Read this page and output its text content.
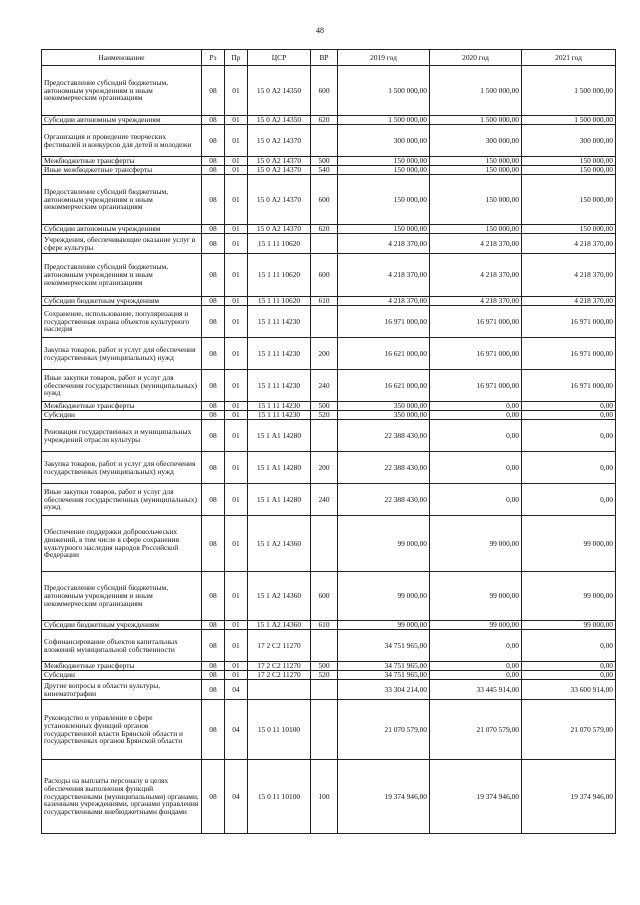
48
Наименование	Рз	Пр	ЦСР	ВР	2019 год	2020 год	2021 год
Предоставление субсидий бюджетным, автономным учреждениям и иным некоммерческим организациям	08	01	15 0 А2 14350	600	1 500 000,00	1 500 000,00	1 500 000,00
Субсидии автономным учреждениям	08	01	15 0 А2 14350	620	1 500 000,00	1 500 000,00	1 500 000,00
Организация и проведение творческих фестивалей и конкурсов для детей и молодежи	08	01	15 0 А2 14370		300 000,00	300 000,00	300 000,00
Межбюджетные трансферты	08	01	15 0 А2 14370	500	150 000,00	150 000,00	150 000,00
Иные межбюджетные трансферты	08	01	15 0 А2 14370	540	150 000,00	150 000,00	150 000,00
Предоставление субсидий бюджетным, автономным учреждениям и иным некоммерческим организациям	08	01	15 0 А2 14370	600	150 000,00	150 000,00	150 000,00
Субсидии автономным учреждениям	08	01	15 0 А2 14370	620	150 000,00	150 000,00	150 000,00
Учреждения, обеспечивающие оказание услуг в сфере культуры	08	01	15 1 11 10620		4 218 370,00	4 218 370,00	4 218 370,00
Предоставление субсидий бюджетным, автономным учреждениям и иным некоммерческим организациям	08	01	15 1 11 10620	600	4 218 370,00	4 218 370,00	4 218 370,00
Субсидии бюджетным учреждениям	08	01	15 1 11 10620	610	4 218 370,00	4 218 370,00	4 218 370,00
Сохранение, использование, популяризация и государственная охрана объектов культурного наследия	08	01	15 1 11 14230		16 971 000,00	16 971 000,00	16 971 000,00
Закупка товаров, работ и услуг для обеспечения государственных (муниципальных) нужд	08	01	15 1 11 14230	200	16 621 000,00	16 971 000,00	16 971 000,00
Иные закупки товаров, работ и услуг для обеспечения государственных (муниципальных) нужд	08	01	15 1 11 14230	240	16 621 000,00	16 971 000,00	16 971 000,00
Межбюджетные трансферты	08	01	15 1 11 14230	500	350 000,00	0,00	0,00
Субсидии	08	01	15 1 11 14230	520	350 000,00	0,00	0,00
Реновация государственных и муниципальных учреждений отрасли культуры	08	01	15 1 А1 14280		22 388 430,00	0,00	0,00
Закупка товаров, работ и услуг для обеспечения государственных (муниципальных) нужд	08	01	15 1 А1 14280	200	22 388 430,00	0,00	0,00
Иные закупки товаров, работ и услуг для обеспечения государственных (муниципальных) нужд	08	01	15 1 А1 14280	240	22 388 430,00	0,00	0,00
Обеспечение поддержки добровольческих движений, в том числе в сфере сохранения культурного наследия народов Российской Федерации	08	01	15 1 А2 14360		99 000,00	99 000,00	99 000,00
Предоставление субсидий бюджетным, автономным учреждениям и иным некоммерческим организациям	08	01	15 1 А2 14360	600	99 000,00	99 000,00	99 000,00
Субсидии бюджетным учреждениям	08	01	15 1 А2 14360	610	99 000,00	99 000,00	99 000,00
Софинансирование объектов капитальных вложений муниципальной собственности	08	01	17 2 С2 11270		34 751 965,00	0,00	0,00
Межбюджетные трансферты	08	01	17 2 С2 11270	500	34 751 965,00	0,00	0,00
Субсидии	08	01	17 2 С2 11270	520	34 751 965,00	0,00	0,00
Другие вопросы в области культуры, кинематографии	08	04			33 304 214,00	33 445 914,00	33 600 914,00
Руководство и управление в сфере установленных функций органов государственной власти Брянской области и государственных органов Брянской области	08	04	15 0 11 10100		21 070 579,00	21 070 579,00	21 070 579,00
Расходы на выплаты персоналу в целях обеспечения выполнения функций государственными (муниципальными) органами, казенными учреждениями, органами управления государственными внебюджетными фондами	08	04	15 0 11 10100	100	19 374 946,00	19 374 946,00	19 374 946,00
